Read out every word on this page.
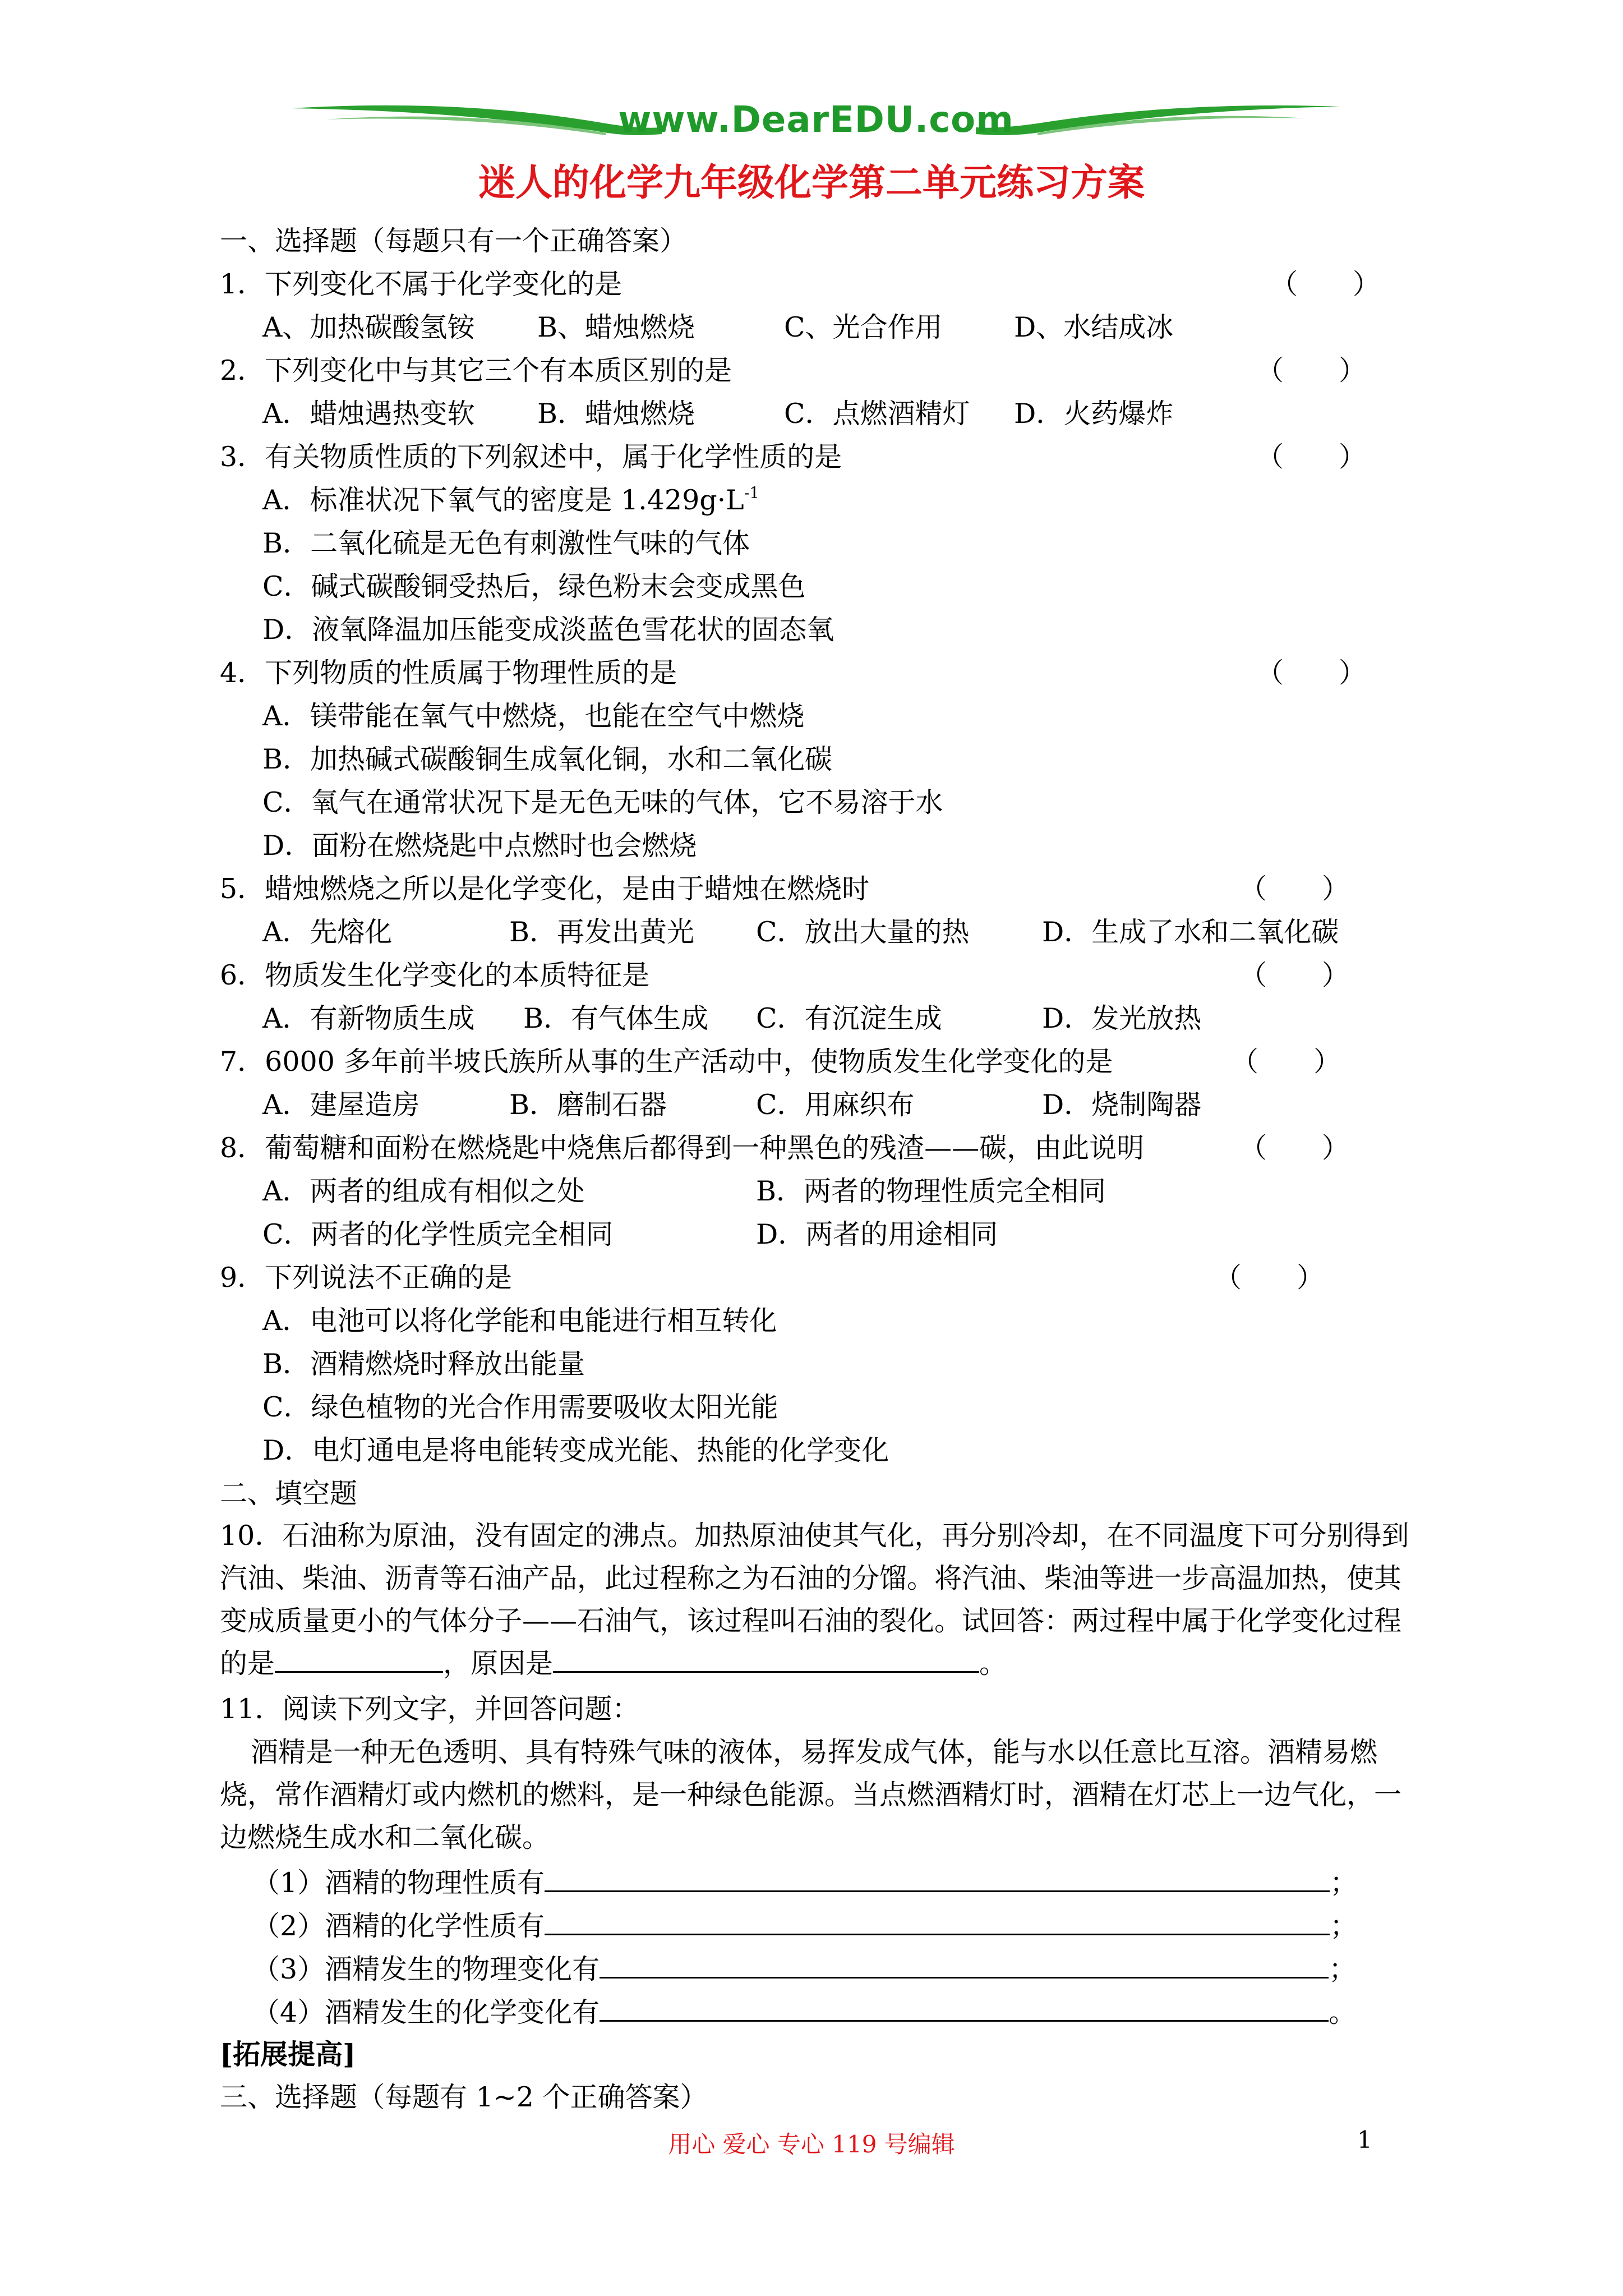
www.DearEDU.com
迷人的化学九年级化学第二单元练习方案
一、选择题（每题只有一个正确答案）
1．下列变化不属于化学变化的是	（　　）
A、加热碳酸氢铵 B、蜡烛燃烧	C、光合作用	D、水结成冰
2．下列变化中与其它三个有本质区别的是	（　　）
A．蜡烛遇热变软 B．蜡烛燃烧	C．点燃酒精灯 D．火药爆炸
3．有关物质性质的下列叙述中，属于化学性质的是	（　　）
A．标准状况下氧气的密度是 $1.429g\cdot L^{-1}$
B．二氧化硫是无色有刺激性气味的气体
C．碱式碳酸铜受热后，绿色粉末会变成黑色
D．液氧降温加压能变成淡蓝色雪花状的固态氧
4．下列物质的性质属于物理性质的是	（　　）
A．镁带能在氧气中燃烧，也能在空气中燃烧
B．加热碱式碳酸铜生成氧化铜，水和二氧化碳
C．氧气在通常状况下是无色无味的气体，它不易溶于水
D．面粉在燃烧匙中点燃时也会燃烧
5．蜡烛燃烧之所以是化学变化，是由于蜡烛在燃烧时	（　　）
A．先熔化	B．再发出黄光 C．放出大量的热	D．生成了水和二氧化碳
6．物质发生化学变化的本质特征是	（　　）
A．有新物质生成 B．有气体生成 C．有沉淀生成	D．发光放热
7．6000 多年前半坡氏族所从事的生产活动中，使物质发生化学变化的是	（　　）
A．建屋造房	B．磨制石器	C．用麻织布	D．烧制陶器
8．葡萄糖和面粉在燃烧匙中烧焦后都得到一种黑色的残渣——碳，由此说明	（　　）
A．两者的组成有相似之处	B．两者的物理性质完全相同
C．两者的化学性质完全相同	D．两者的用途相同
9．下列说法不正确的是	（　　）
A．电池可以将化学能和电能进行相互转化
B．酒精燃烧时释放出能量
C．绿色植物的光合作用需要吸收太阳光能
D．电灯通电是将电能转变成光能、热能的化学变化
二、填空题
10．石油称为原油，没有固定的沸点。加热原油使其气化，再分别冷却，在不同温度下可分别得到汽油、柴油、沥青等石油产品，此过程称之为石油的分馏。将汽油、柴油等进一步高温加热，使其变成质量更小的气体分子——石油气，该过程叫石油的裂化。试回答：两过程中属于化学变化过程的是	，原因是	。
11．阅读下列文字，并回答问题：
酒精是一种无色透明、具有特殊气味的液体，易挥发成气体，能与水以任意比互溶。酒精易燃烧，常作酒精灯或内燃机的燃料，是一种绿色能源。当点燃酒精灯时，酒精在灯芯上一边气化，一边燃烧生成水和二氧化碳。
（1）酒精的物理性质有	；
（2）酒精的化学性质有	；
（3）酒精发生的物理变化有	；
（4）酒精发生的化学变化有	。
[拓展提高]
三、选择题（每题有 1~2 个正确答案）
用心 爱心 专心 119 号编辑	1
